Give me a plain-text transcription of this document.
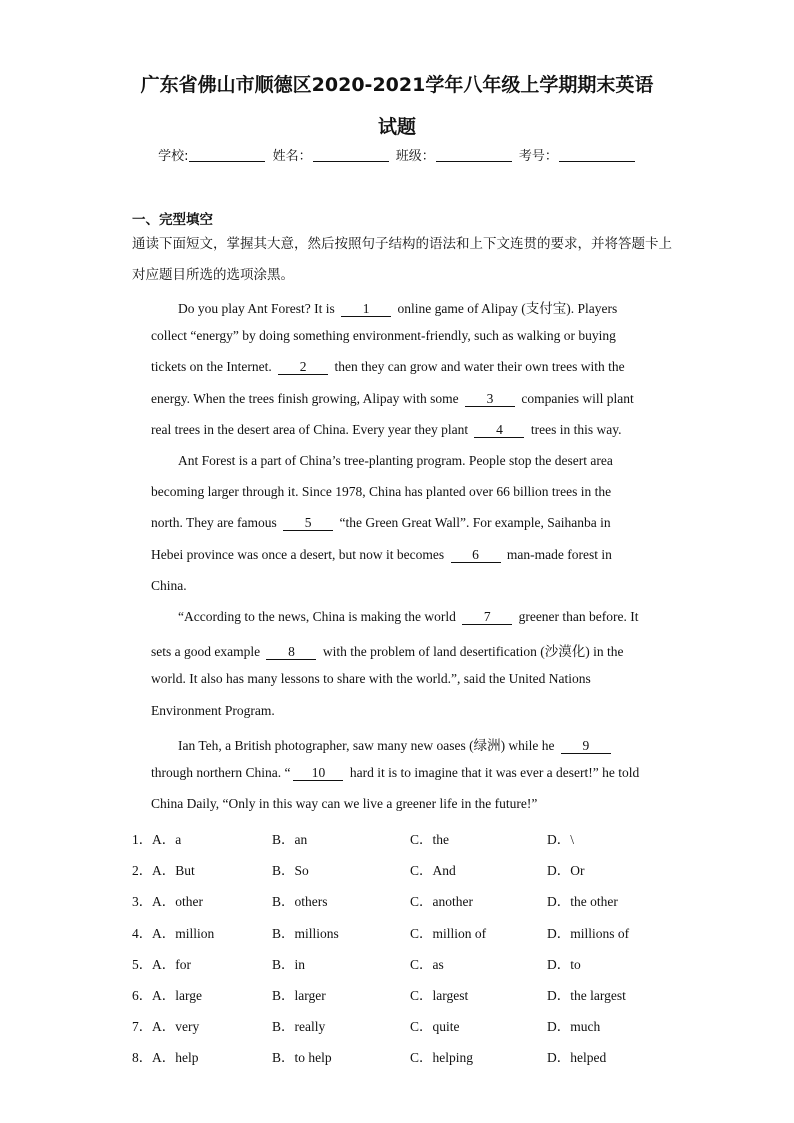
广东省佛山市顺德区2020-2021学年八年级上学期期末英语
试题
学校:	姓名：	班级：	考号：
一、完型填空
通读下面短文，掌握其大意，然后按照句子结构的语法和上下文连贯的要求，并将答题卡上对应题目所选的选项涂黑。
Do you play Ant Forest? It is 1 online game of Alipay (支付宝). Players
collect “energy” by doing something environment-friendly, such as walking or buying
tickets on the Internet. 2 then they can grow and water their own trees with the
energy. When the trees finish growing, Alipay with some 3 companies will plant
real trees in the desert area of China. Every year they plant 4 trees in this way.
Ant Forest is a part of China’s tree-planting program. People stop the desert area
becoming larger through it. Since 1978, China has planted over 66 billion trees in the
north. They are famous 5 “the Green Great Wall”. For example, Saihanba in
Hebei province was once a desert, but now it becomes 6 man-made forest in
China.
“According to the news, China is making the world 7 greener than before. It
sets a good example 8 with the problem of land desertification (沙漠化) in the
world. It also has many lessons to share with the world.”, said the United Nations
Environment Program.
Ian Teh, a British photographer, saw many new oases (绿洲) while he 9
through northern China. “ 10 hard it is to imagine that it was ever a desert!” he told
China Daily, “Only in this way can we live a greener life in the future!”
1． A．a	B．an	C．the	D．\
2． A．But	B．So	C．And	D．Or
3． A．other	B．others	C．another	D．the other
4． A．million	B．millions	C．million of	D．millions of
5． A．for	B．in	C．as	D．to
6． A．large	B．larger	C．largest	D．the largest
7． A．very	B．really	C．quite	D．much
8． A．help	B．to help	C．helping	D．helped
